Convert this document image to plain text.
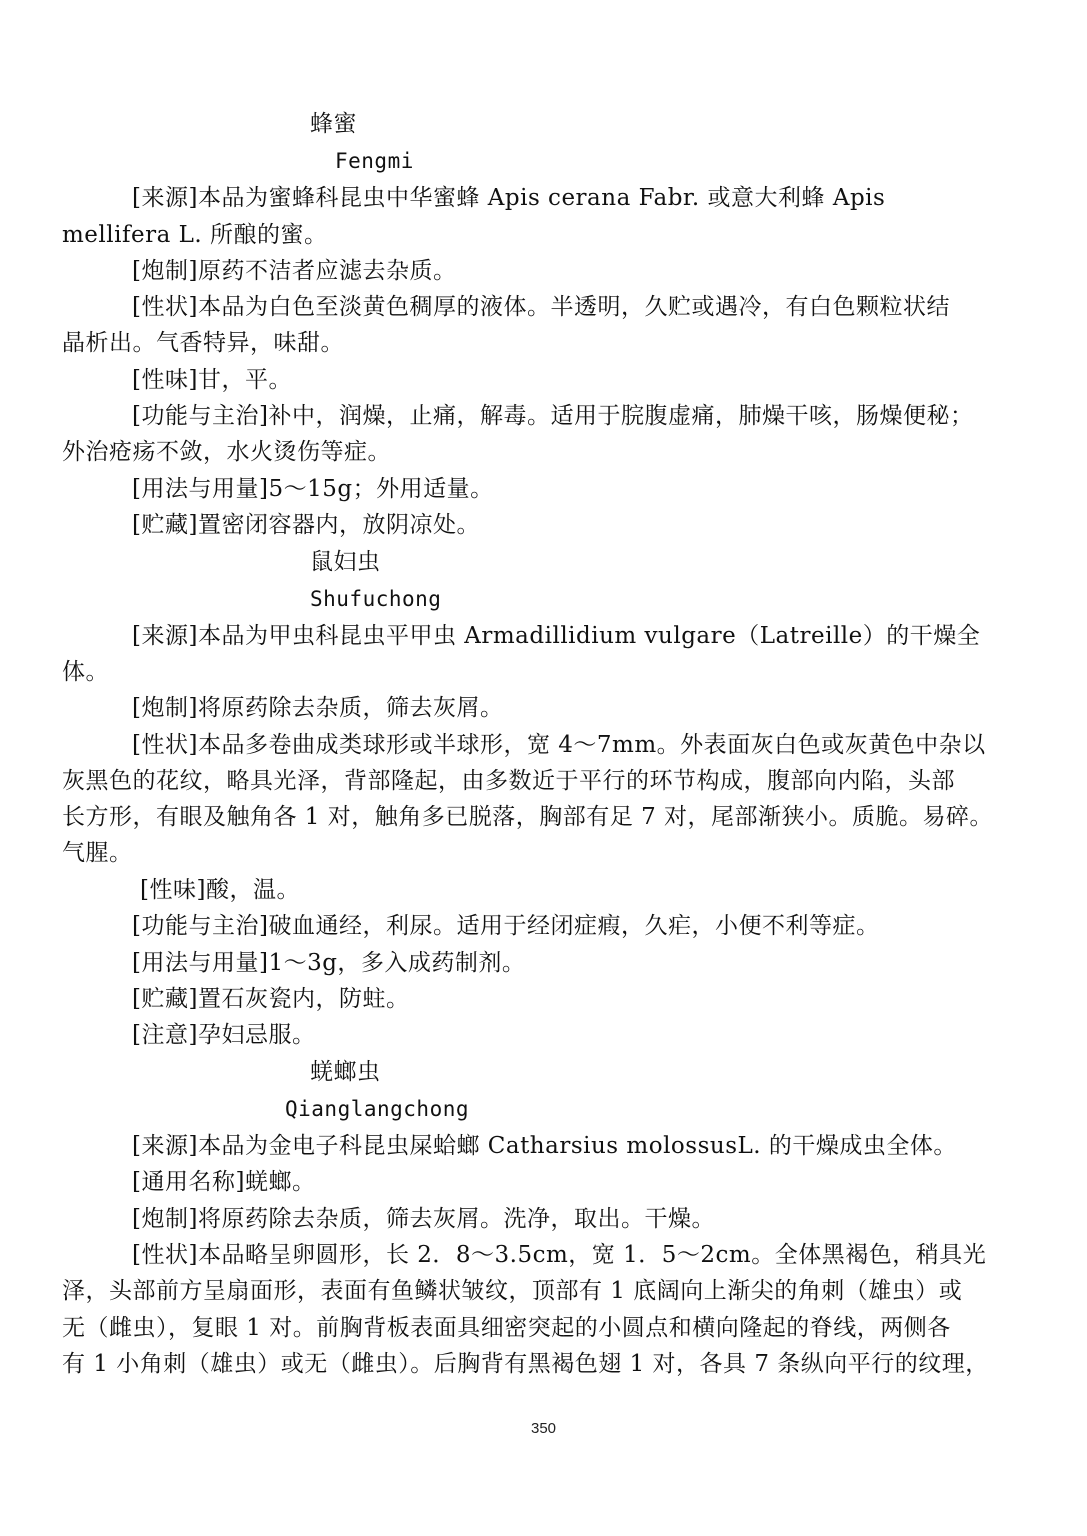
蜂蜜
Fengmi
[来源]本品为蜜蜂科昆虫中华蜜蜂 Apis cerana Fabr. 或意大利蜂 Apis
mellifera L. 所酿的蜜。
[炮制]原药不洁者应滤去杂质。
[性状]本品为白色至淡黄色稠厚的液体。半透明，久贮或遇冷，有白色颗粒状结
晶析出。气香特异，味甜。
[性味]甘，平。
[功能与主治]补中，润燥，止痛，解毒。适用于脘腹虚痛，肺燥干咳，肠燥便秘；
外治疮疡不敛，水火烫伤等症。
[用法与用量]5～15g；外用适量。
[贮藏]置密闭容器内，放阴凉处。
鼠妇虫
Shufuchong
[来源]本品为甲虫科昆虫平甲虫 Armadillidium vulgare（Latreille）的干燥全
体。
[炮制]将原药除去杂质，筛去灰屑。
[性状]本品多卷曲成类球形或半球形，宽 4～7mm。外表面灰白色或灰黄色中杂以
灰黑色的花纹，略具光泽，背部隆起，由多数近于平行的环节构成，腹部向内陷，头部
长方形，有眼及触角各 1 对，触角多已脱落，胸部有足 7 对，尾部渐狭小。质脆。易碎。
气腥。
[性味]酸，温。
[功能与主治]破血通经，利尿。适用于经闭症瘕，久疟，小便不利等症。
[用法与用量]1～3g，多入成药制剂。
[贮藏]置石灰瓷内，防蛀。
[注意]孕妇忌服。
蜣螂虫
Qianglangchong
[来源]本品为金电子科昆虫屎蛤螂 Catharsius molossusL. 的干燥成虫全体。
[通用名称]蜣螂。
[炮制]将原药除去杂质，筛去灰屑。洗净，取出。干燥。
[性状]本品略呈卵圆形，长 2．8～3.5cm，宽 1．5～2cm。全体黑褐色，稍具光
泽，头部前方呈扇面形，表面有鱼鳞状皱纹，顶部有 1 底阔向上渐尖的角刺（雄虫）或
无（雌虫），复眼 1 对。前胸背板表面具细密突起的小圆点和横向隆起的脊线，两侧各
有 1 小角刺（雄虫）或无（雌虫）。后胸背有黑褐色翅 1 对，各具 7 条纵向平行的纹理，
350
